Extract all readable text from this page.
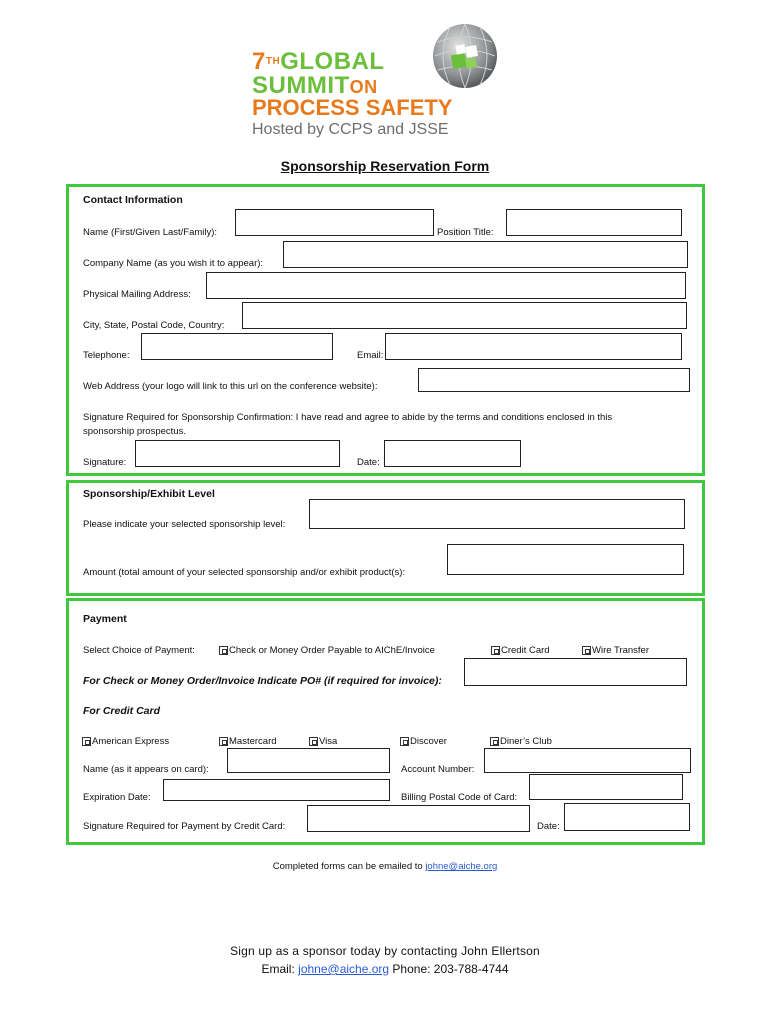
7THGLOBAL
SUMMITON
PROCESS SAFETY
Hosted by CCPS and JSSE
Sponsorship Reservation Form
Contact Information
Name (First/Given Last/Family):	Position Title:
Company Name (as you wish it to appear):
Physical Mailing Address:
City, State, Postal Code, Country:
Telephone:	Email:
Web Address (your logo will link to this url on the conference website):
Signature Required for Sponsorship Confirmation: I have read and agree to abide by the terms and conditions enclosed in this
sponsorship prospectus.
Signature:	Date:
Sponsorship/Exhibit Level
Please indicate your selected sponsorship level:
Amount (total amount of your selected sponsorship and/or exhibit product(s):
Payment
Select Choice of Payment:	Check or Money Order Payable to AIChE/Invoice	Credit Card	Wire Transfer
For Check or Money Order/Invoice Indicate PO# (if required for invoice):
For Credit Card
American Express	Mastercard	Visa	Discover	Diner’s Club
Name (as it appears on card):	Account Number:
Expiration Date:	Billing Postal Code of Card:
Signature Required for Payment by Credit Card:	Date:
Completed forms can be emailed to johne@aiche.org
Sign up as a sponsor today by contacting John Ellertson
Email: johne@aiche.org Phone: 203-788-4744
